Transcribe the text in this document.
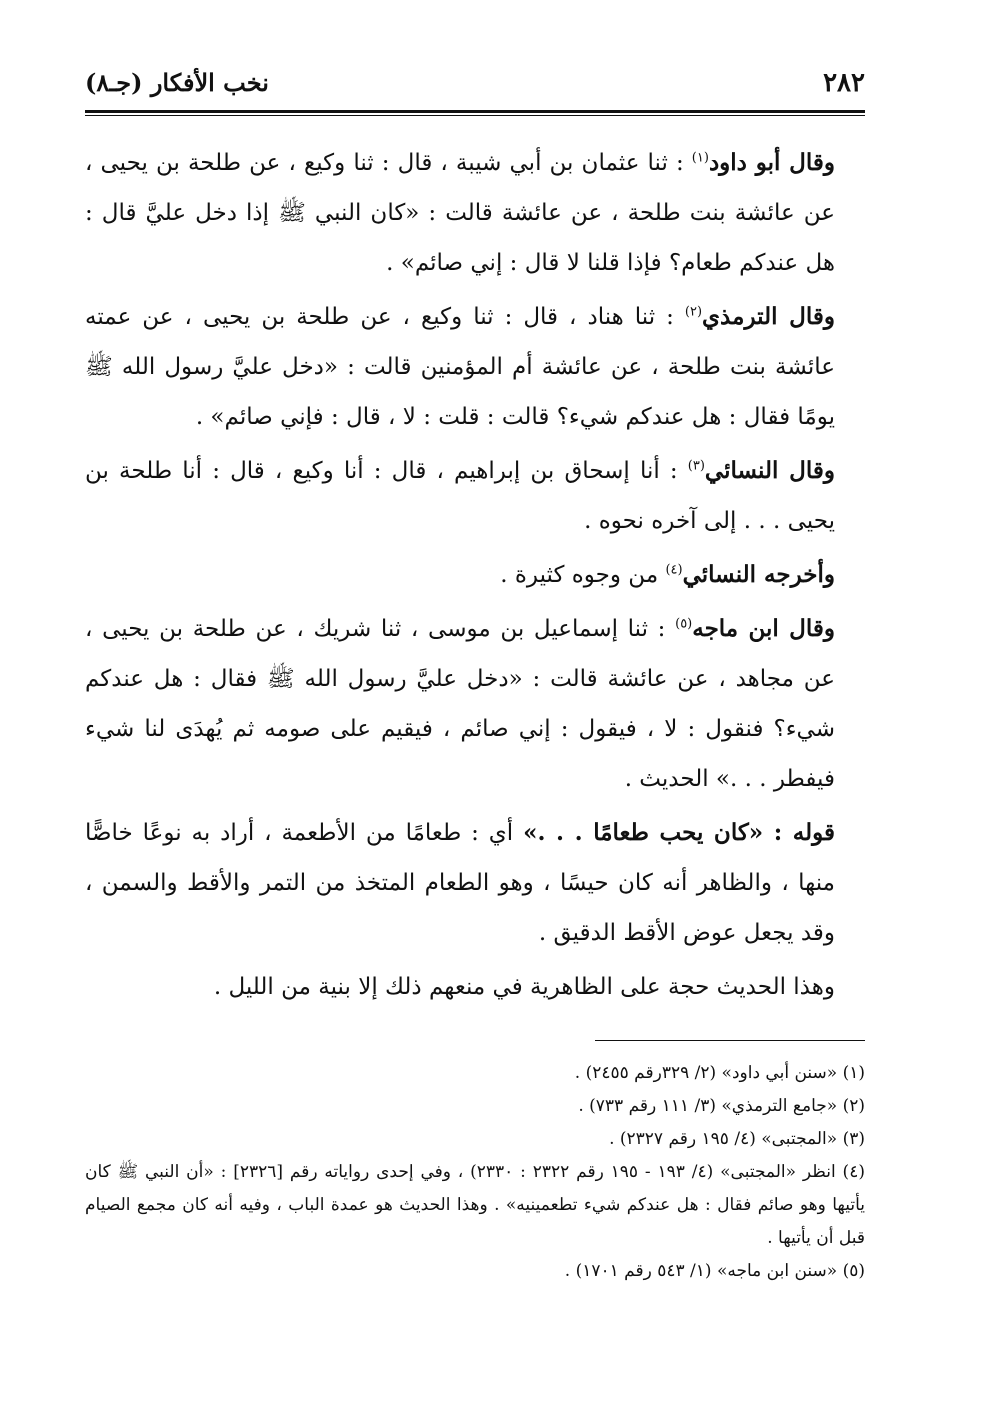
٢٨٢
نخب الأفكار (جـ٨)

وقال أبو داود$^{(١)}$ : ثنا عثمان بن أبي شيبة ، قال : ثنا وكيع ، عن طلحة بن يحيى ، عن عائشة بنت طلحة ، عن عائشة قالت : «كان النبي ﷺ إذا دخل عليَّ قال : هل عندكم طعام؟ فإذا قلنا لا قال : إني صائم» .

وقال الترمذي$^{(٢)}$ : ثنا هناد ، قال : ثنا وكيع ، عن طلحة بن يحيى ، عن عمته عائشة بنت طلحة ، عن عائشة أم المؤمنين قالت : «دخل عليَّ رسول الله ﷺ يومًا فقال : هل عندكم شيء؟ قالت : قلت : لا ، قال : فإني صائم» .

وقال النسائي$^{(٣)}$ : أنا إسحاق بن إبراهيم ، قال : أنا وكيع ، قال : أنا طلحة بن يحيى . . . إلى آخره نحوه .

وأخرجه النسائي$^{(٤)}$ من وجوه كثيرة .

وقال ابن ماجه$^{(٥)}$ : ثنا إسماعيل بن موسى ، ثنا شريك ، عن طلحة بن يحيى ، عن مجاهد ، عن عائشة قالت : «دخل عليَّ رسول الله ﷺ فقال : هل عندكم شيء؟ فنقول : لا ، فيقول : إني صائم ، فيقيم على صومه ثم يُهدَى لنا شيء فيفطر . . .» الحديث .

قوله : «كان يحب طعامًا . . .» أي : طعامًا من الأطعمة ، أراد به نوعًا خاصًّا منها ، والظاهر أنه كان حيسًا ، وهو الطعام المتخذ من التمر والأقط والسمن ، وقد يجعل عوض الأقط الدقيق .

وهذا الحديث حجة على الظاهرية في منعهم ذلك إلا بنية من الليل .

(١) «سنن أبي داود» (٢/ ٣٢٩رقم ٢٤٥٥) .

(٢) «جامع الترمذي» (٣/ ١١١ رقم ٧٣٣) .

(٣) «المجتبى» (٤/ ١٩٥ رقم ٢٣٢٧) .

(٤) انظر «المجتبى» (٤/ ١٩٣ - ١٩٥ رقم ٢٣٢٢ : ٢٣٣٠) ، وفي إحدى رواياته رقم [٢٣٢٦] : «أن النبي ﷺ كان يأتيها وهو صائم فقال : هل عندكم شيء تطعمينيه» . وهذا الحديث هو عمدة الباب ، وفيه أنه كان مجمع الصيام قبل أن يأتيها .

(٥) «سنن ابن ماجه» (١/ ٥٤٣ رقم ١٧٠١) .
